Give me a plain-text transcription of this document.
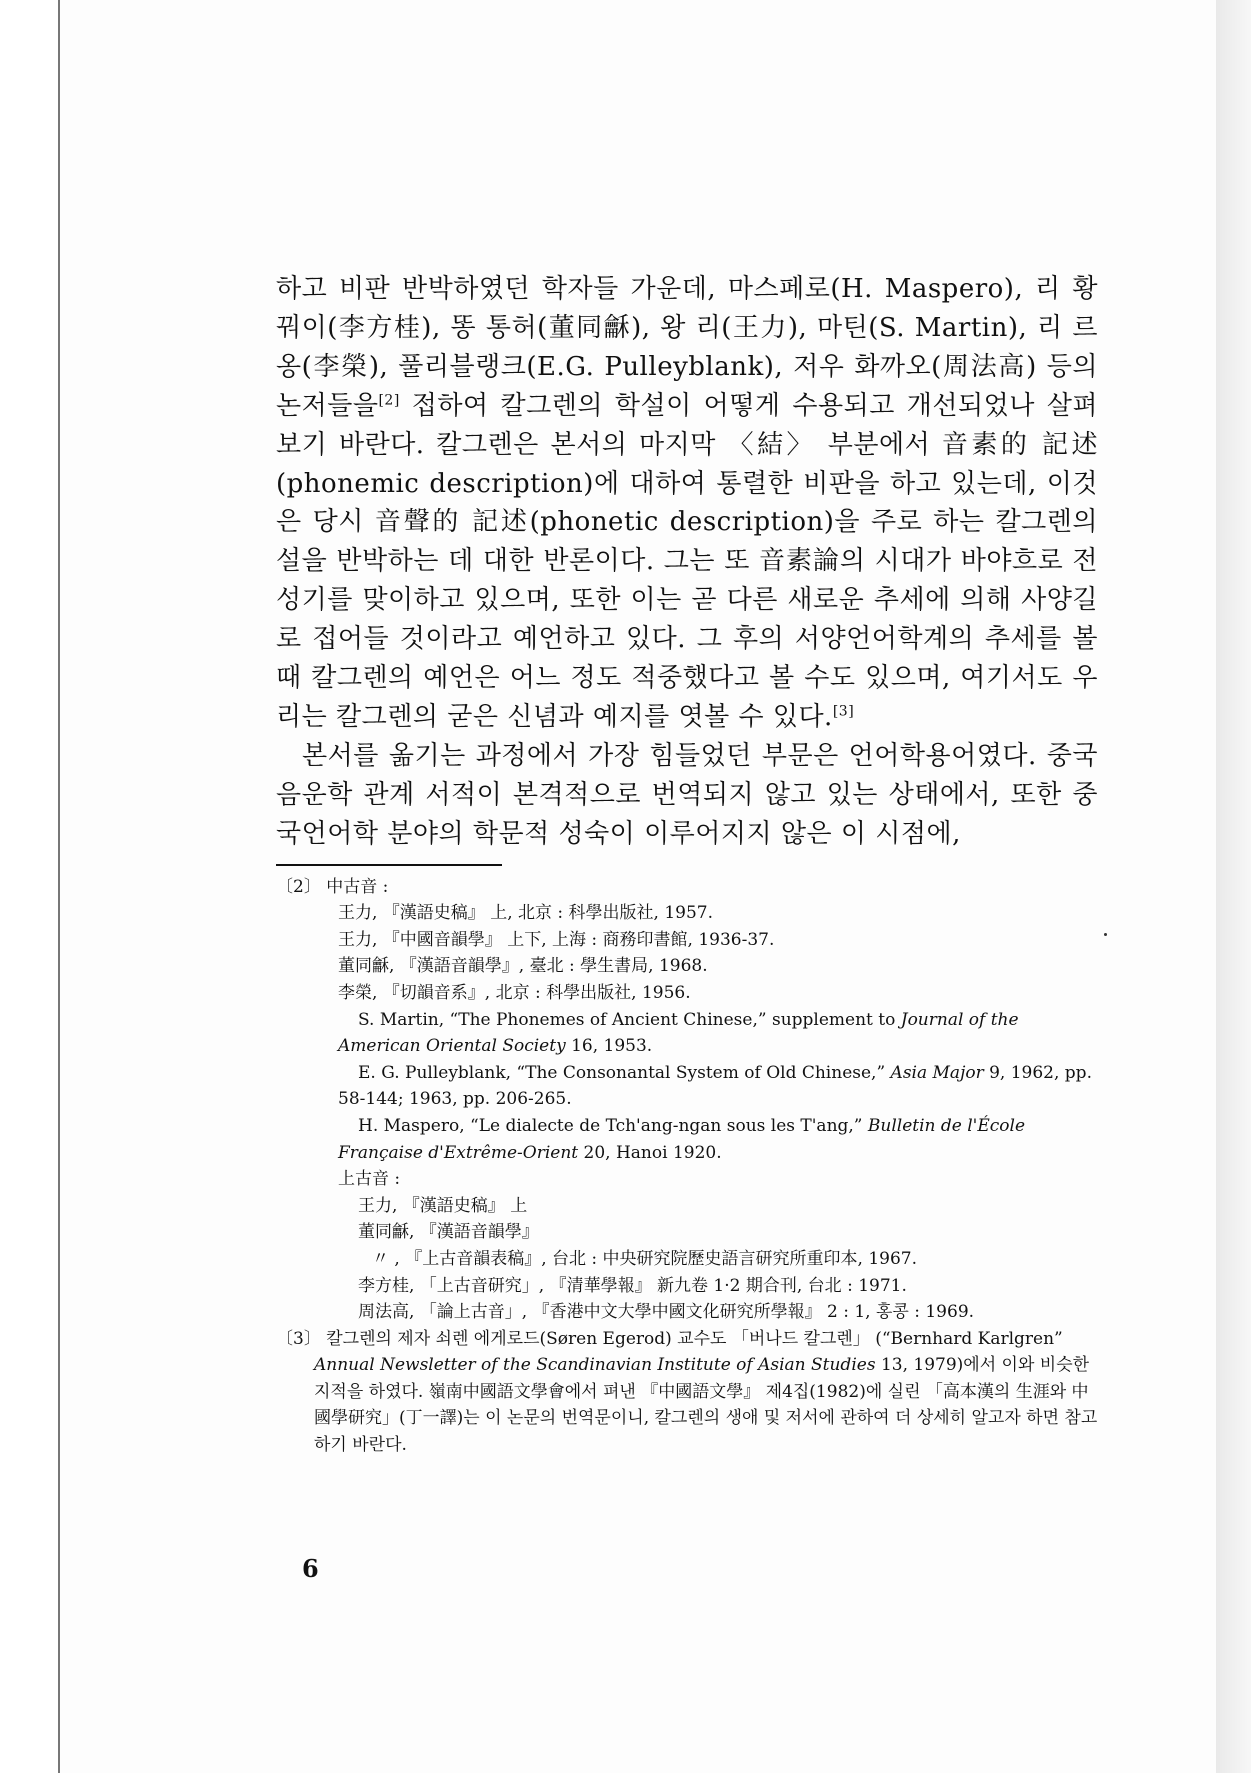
하고 비판 반박하였던 학자들 가운데, 마스페로(H. Maspero), 리 황꿔이(李方桂), 똥 통허(董同龢), 왕 리(王力), 마틴(S. Martin), 리 르옹(李榮), 풀리블랭크(E.G. Pulleyblank), 저우 화까오(周法高) 등의 논저들을[2] 접하여 칼그렌의 학설이 어떻게 수용되고 개선되었나 살펴보기 바란다. 칼그렌은 본서의 마지막 〈結〉 부분에서 音素的 記述(phonemic description)에 대하여 통렬한 비판을 하고 있는데, 이것은 당시 音聲的 記述(phonetic description)을 주로 하는 칼그렌의 설을 반박하는 데 대한 반론이다. 그는 또 音素論의 시대가 바야흐로 전성기를 맞이하고 있으며, 또한 이는 곧 다른 새로운 추세에 의해 사양길로 접어들 것이라고 예언하고 있다. 그 후의 서양언어학계의 추세를 볼 때 칼그렌의 예언은 어느 정도 적중했다고 볼 수도 있으며, 여기서도 우리는 칼그렌의 굳은 신념과 예지를 엿볼 수 있다.[3]

본서를 옮기는 과정에서 가장 힘들었던 부문은 언어학용어였다. 중국음운학 관계 서적이 본격적으로 번역되지 않고 있는 상태에서, 또한 중국언어학 분야의 학문적 성숙이 이루어지지 않은 이 시점에,

〔2〕 中古音 :

王力, 『漢語史稿』 上, 北京 : 科學出版社, 1957.

王力, 『中國音韻學』 上下, 上海 : 商務印書館, 1936-37.

董同龢, 『漢語音韻學』, 臺北 : 學生書局, 1968.

李榮, 『切韻音系』, 北京 : 科學出版社, 1956.

S. Martin, “The Phonemes of Ancient Chinese,” supplement to Journal of the American Oriental Society 16, 1953.

E. G. Pulleyblank, “The Consonantal System of Old Chinese,” Asia Major 9, 1962, pp. 58-144; 1963, pp. 206-265.

H. Maspero, “Le dialecte de Tch'ang-ngan sous les T'ang,” Bulletin de l'École Française d'Extrême-Orient 20, Hanoi 1920.

上古音 :

王力, 『漢語史稿』 上

董同龢, 『漢語音韻學』

〃 , 『上古音韻表稿』, 台北 : 中央研究院歷史語言研究所重印本, 1967.

李方桂, 「上古音研究」, 『清華學報』 新九卷 1·2 期合刊, 台北 : 1971.

周法高, 「論上古音」, 『香港中文大學中國文化研究所學報』 2 : 1, 홍콩 : 1969.

〔3〕 칼그렌의 제자 쇠렌 에게로드(Søren Egerod) 교수도 「버나드 칼그렌」 (“Bernhard Karlgren” Annual Newsletter of the Scandinavian Institute of Asian Studies 13, 1979)에서 이와 비슷한 지적을 하였다. 嶺南中國語文學會에서 펴낸 『中國語文學』 제4집(1982)에 실린 「高本漢의 生涯와 中國學研究」(丁一譯)는 이 논문의 번역문이니, 칼그렌의 생애 및 저서에 관하여 더 상세히 알고자 하면 참고하기 바란다.

6
